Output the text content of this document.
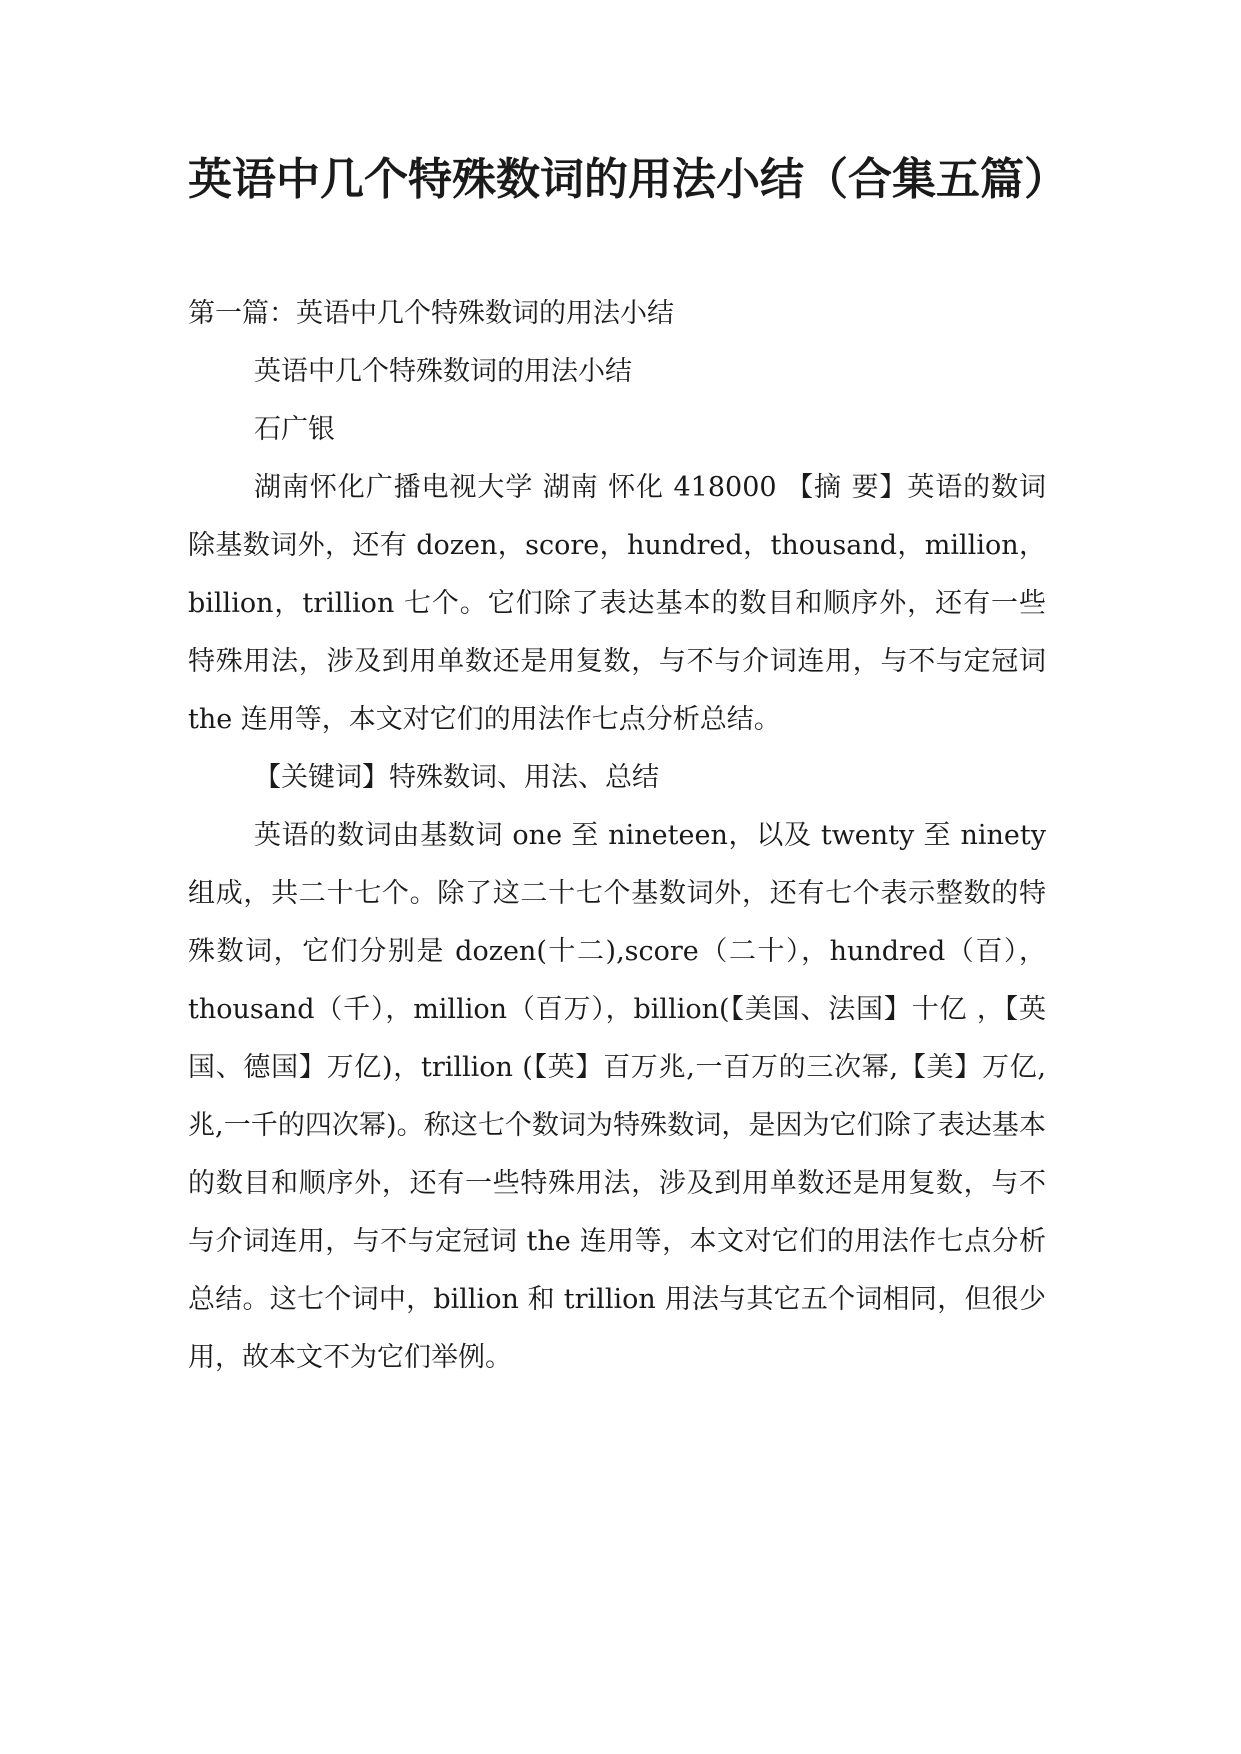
英语中几个特殊数词的用法小结（合集五篇）

第一篇：英语中几个特殊数词的用法小结

英语中几个特殊数词的用法小结

石广银

湖南怀化广播电视大学 湖南 怀化 418000 【摘 要】英语的数词除基数词外，还有 dozen，score，hundred，thousand，million，billion，trillion 七个。它们除了表达基本的数目和顺序外，还有一些特殊用法，涉及到用单数还是用复数，与不与介词连用，与不与定冠词 the 连用等，本文对它们的用法作七点分析总结。

【关键词】特殊数词、用法、总结

英语的数词由基数词 one 至 nineteen，以及 twenty 至 ninety 组成，共二十七个。除了这二十七个基数词外，还有七个表示整数的特殊数词，它们分别是 dozen(十二),score（二十），hundred（百），thousand（千），million（百万），billion(【美国、法国】十亿 ，【英国、德国】万亿)，trillion (【英】百万兆,一百万的三次幂,【美】万亿,兆,一千的四次幂)。称这七个数词为特殊数词，是因为它们除了表达基本的数目和顺序外，还有一些特殊用法，涉及到用单数还是用复数，与不与介词连用，与不与定冠词 the 连用等，本文对它们的用法作七点分析总结。这七个词中，billion 和 trillion 用法与其它五个词相同，但很少用，故本文不为它们举例。
